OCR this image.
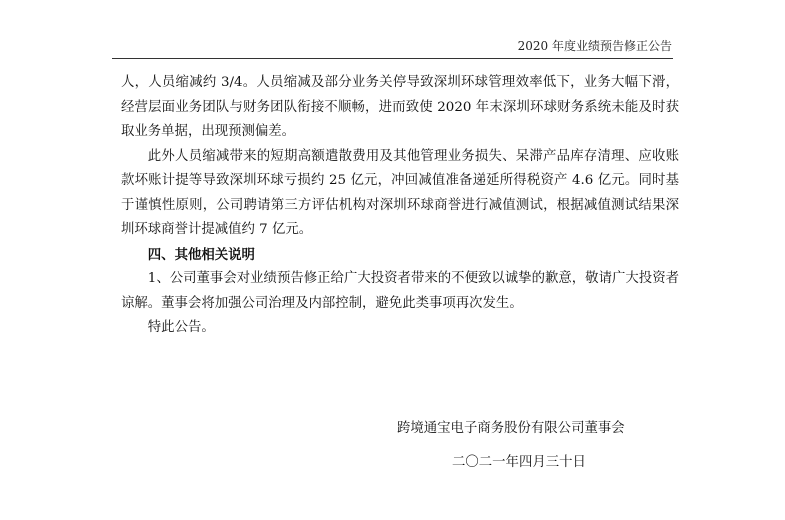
2020 年度业绩预告修正公告

人，人员缩减约 3/4。人员缩减及部分业务关停导致深圳环球管理效率低下，业务大幅下滑，经营层面业务团队与财务团队衔接不顺畅，进而致使 2020 年末深圳环球财务系统未能及时获取业务单据，出现预测偏差。

此外人员缩减带来的短期高额遣散费用及其他管理业务损失、呆滞产品库存清理、应收账款坏账计提等导致深圳环球亏损约 25 亿元，冲回减值准备递延所得税资产 4.6 亿元。同时基于谨慎性原则，公司聘请第三方评估机构对深圳环球商誉进行减值测试，根据减值测试结果深圳环球商誉计提减值约 7 亿元。

四、其他相关说明

1、公司董事会对业绩预告修正给广大投资者带来的不便致以诚挚的歉意，敬请广大投资者谅解。董事会将加强公司治理及内部控制，避免此类事项再次发生。

特此公告。

跨境通宝电子商务股份有限公司董事会
二〇二一年四月三十日
